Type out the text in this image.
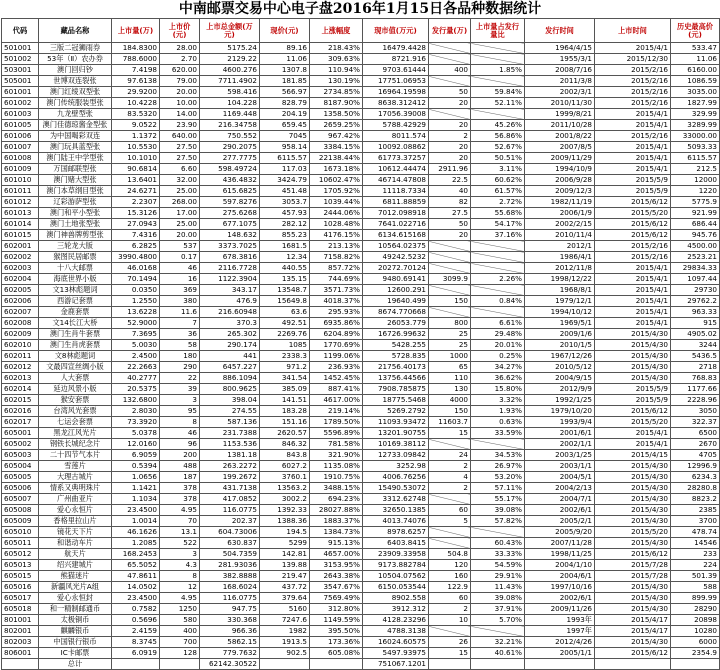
中南邮票交易中心电子盘2016年1月15日各品种数据统计
代码	藏品名称	上市量(万)	上市价(元)	上市总金额(万元)	现价(元)	上涨幅度	现市值(万元)	发行量(万)	上市量占发行量比	发行时间	上市时间	历史最高价(元)
501001	三版二冠狮雨券	184.8300	28.00	5175.24	89.16	218.43%	16479.4428			1964/4/15	2015/4/1	533.47
501002	53年（Ⅱ）农办券	788.6000	2.70	2129.22	11.06	309.63%	8721.916			1955/3/1	2015/12/30	11.06
503001	澳门回归钞	7.4198	620.00	4600.276	1307.8	110.94%	9703.61444	400	1.85%	2008/7/16	2015/2/16	6160.00
505001	世博双连裂张	97.6138	79.00	7711.4902	181.85	130.19%	17751.06953			2011/3/8	2015/2/16	1086.59
601001	澳门红绫双型张	29.9200	20.00	598.416	566.97	2734.85%	16964.19598	50	59.84%	2002/3/1	2015/2/16	3035.00
601002	澳门传统服装型张	10.4228	10.00	104.228	828.79	8187.90%	8638.312412	20	52.11%	2010/11/30	2015/2/16	1827.99
601003	九龙壁型张	83.5320	14.00	1169.448	204.19	1358.50%	17056.39008			1999/8/21	2015/4/1	329.99
601005	澳门佳德琼酱金型张	9.0522	23.90	216.34758	659.45	2659.25%	5788.42929	20	45.26%	2011/10/28	2015/4/1	3289.99
601006	为中国喝彩双连	1.1372	640.00	750.552	7045	967.42%	8011.574	2	56.86%	2001/8/22	2015/2/16	33000.00
601007	澳门玩具蓝型张	10.5530	27.50	290.2075	958.14	3384.15%	10092.08862	20	52.67%	2007/8/5	2015/4/1	5093.33
601008	澳门陆王中学型张	10.1010	27.50	277.7775	6115.57	22138.44%	61773.37257	20	50.51%	2009/11/29	2015/4/1	6115.57
601009	万国邮联型张	90.6814	6.60	598.49724	117.03	1673.18%	10612.44474	2911.96	3.11%	1994/10/9	2015/4/1	212.5
601010	澳门赌大型张	13.6401	32.00	436.4832	3424.79	10602.47%	46714.47808	22.5	60.62%	2006/9/28	2015/5/9	12000
601011	澳门本草纲目型张	24.6271	25.00	615.6825	451.48	1705.92%	11118.7334	40	61.57%	2009/12/3	2015/5/9	1220
601012	辽彩游萨型张	2.2307	268.00	597.8276	3053.7	1039.44%	6811.88859	82	2.72%	1982/11/19	2015/6/12	5775.9
601013	澳门和平小型张	15.3126	17.00	275.6268	457.93	2444.06%	7012.098918	27.5	55.68%	2006/1/9	2015/5/20	921.99
601014	澳门土地张型张	27.0943	25.00	677.1075	282.12	1028.48%	7641.022716	50	54.17%	2002/2/15	2015/6/12	686.44
601015	澳门神兽牌剪型张	7.4316	20.00	148.632	855.23	4176.15%	6134.615168	20	37.16%	2010/11/4	2015/6/12	945.76
602001	三轮龙大版	6.2825	537	3373.7025	1681.5	213.13%	10564.02375			2012/1	2015/2/16	4500.00
602002	猴图民居邮票	3990.4800	0.17	678.3816	12.34	7158.82%	49242.5232			1986/4/1	2015/2/16	2523.21
602003	十八大邮票	46.0168	46	2116.7728	440.55	857.72%	20272.70124			2012/11/8	2015/4/1	29834.33
602004	海底世界小版	70.1494	16	1122.3904	135.15	744.69%	9480.69141	3099.9	2.26%	1998/12/22	2015/4/1	1097.44
602005	文13林彪题词	0.0350	369	343.17	13548.7	3571.73%	12600.291			1968/8/1	2015/4/1	29730
602006	西游记套票	1.2550	380	476.9	15649.8	4018.37%	19640.499	150	0.84%	1979/12/1	2015/4/1	29762.2
602007	金鹿套票	13.6228	11.6	216.60948	63.6	295.93%	8674.770668			1994/10/12	2015/4/1	963.33
602008	文14长江大桥	52.9000	7	370.3	492.51	6935.86%	26053.779	800	6.61%	1969/5/1	2015/4/1	915
602009	澳门生肖牛套票	7.3695	36	265.302	2269.76	6204.89%	16726.99632	25	29.48%	2009/1/6	2015/4/30	4905.02
602010	澳门生肖虎套票	5.0030	58	290.174	1085	1770.69%	5428.255	25	20.01%	2010/1/5	2015/4/30	3244
602011	文8林彪题词	2.4500	180	441	2338.3	1199.06%	5728.835	1000	0.25%	1967/12/26	2015/4/30	5436.5
602012	文最四宣丝绸小版	22.2663	290	6457.227	971.2	236.93%	21756.40173	65	34.27%	2010/5/12	2015/4/30	2718
602013	人大套票	40.2777	22	886.1094	341.54	1452.45%	13756.44566	110	36.62%	2004/9/15	2015/4/30	768.83
602014	延边风景小版	20.5375	39	800.9625	385.09	887.41%	7908.785875	130	15.80%	2012/9/9	2015/5/9	1177.66
602015	猴安套票	132.6800	3	398.04	141.51	4617.00%	18775.5468	4000	3.32%	1992/1/25	2015/5/9	2228.96
602016	台湾风光套票	2.8030	95	274.55	183.28	219.14%	5269.2792	150	1.93%	1979/10/20	2015/6/12	3050
602017	七运会套票	73.3920	8	587.136	151.16	1789.50%	11093.93472	11603.7	0.63%	1993/9/4	2015/5/20	322.37
605001	黑龙江风光片	5.0378	46	231.7388	2620.57	5596.89%	13201.90755	15	33.59%	2001/6/1	2015/4/1	6500
605002	钢铁长城纪念片	12.0160	96	1153.536	846.32	781.58%	10169.38112			2002/1/1	2015/4/1	2670
605003	二十四节气本片	6.9059	200	1381.18	843.8	321.90%	12733.09842	24	34.53%	2003/1/25	2015/4/15	4705
605004	雪莲片	0.5394	488	263.2272	6027.2	1135.08%	3252.98	2	26.97%	2003/1/1	2015/4/30	12996.9
605005	大理古城片	1.0656	187	199.2672	3760.1	1910.75%	4006.76256	4	53.20%	2004/5/1	2015/4/30	6234.3
605006	情系又典明珠片	1.1421	378	431.7138	13563.2	3488.15%	15490.53072	2	57.11%	2004/2/13	2015/4/30	28280.8
605007	广州曲亚片	1.1034	378	417.0852	3002.2	694.23%	3312.62748		55.17%	2004/7/1	2015/4/30	8823.2
605008	爱心永恒片	23.4500	4.95	116.0775	1392.33	28027.88%	32650.1385	60	39.08%	2002/6/1	2015/4/30	2385
605009	香格里拉山片	1.0014	70	202.37	1388.36	1883.37%	4013.74076	5	57.82%	2005/2/1	2015/4/30	3700
605010	镜花天下片	46.1626	13.1	604.73006	194.5	1384.73%	8978.6257			2005/9/20	2015/5/20	478.74
605011	和谐动车片	1.2085	522	630.837	5299	915.13%	6403.8415		60.43%	2007/11/28	2015/4/30	14546
605012	航天片	168.2453	3	504.7359	142.81	4657.00%	23909.33958	504.8	33.33%	1998/11/25	2015/6/12	233
605013	绍兴建城片	65.5052	4.3	281.93036	139.88	3153.95%	9173.882784	120	54.59%	2004/1/10	2015/7/28	224
605015	熊猫迷片	47.8611	8	382.8888	219.47	2643.38%	10504.07562	160	29.91%	2004/6/1	2015/7/28	501.39
605016	新疆风光片A组	14.0502	12	168.6024	437.72	3547.67%	6150.053544	122.9	11.43%	1997/10/16	2015/4/30	588
605017	爱心永恒封	23.4500	4.95	116.0775	379.64	7569.49%	8902.558	60	39.08%	2002/6/1	2015/4/30	899.99
605018	和一精制邮通币	0.7582	1250	947.75	5160	312.80%	3912.312	2	37.91%	2009/11/26	2015/4/30	28290
801001	太极铜币	0.5696	580	330.368	7247.6	1149.59%	4128.23296	10	5.70%	1993年	2015/4/17	20898
802001	麒麟银币	2.4159	400	966.36	1982	395.50%	4788.3138			1997年	2015/4/17	10280
802003	中国银行银币	8.3745	700	5862.15	1913.5	173.36%	16024.60575	26	32.21%	2012/4/26	2015/4/30	6000
806001	IC卡邮票	6.0919	128	779.7632	902.5	605.08%	5497.93975	15	40.61%	2005/1/1	2015/6/12	2354.9
	总计			62142.30522			751067.1201					
